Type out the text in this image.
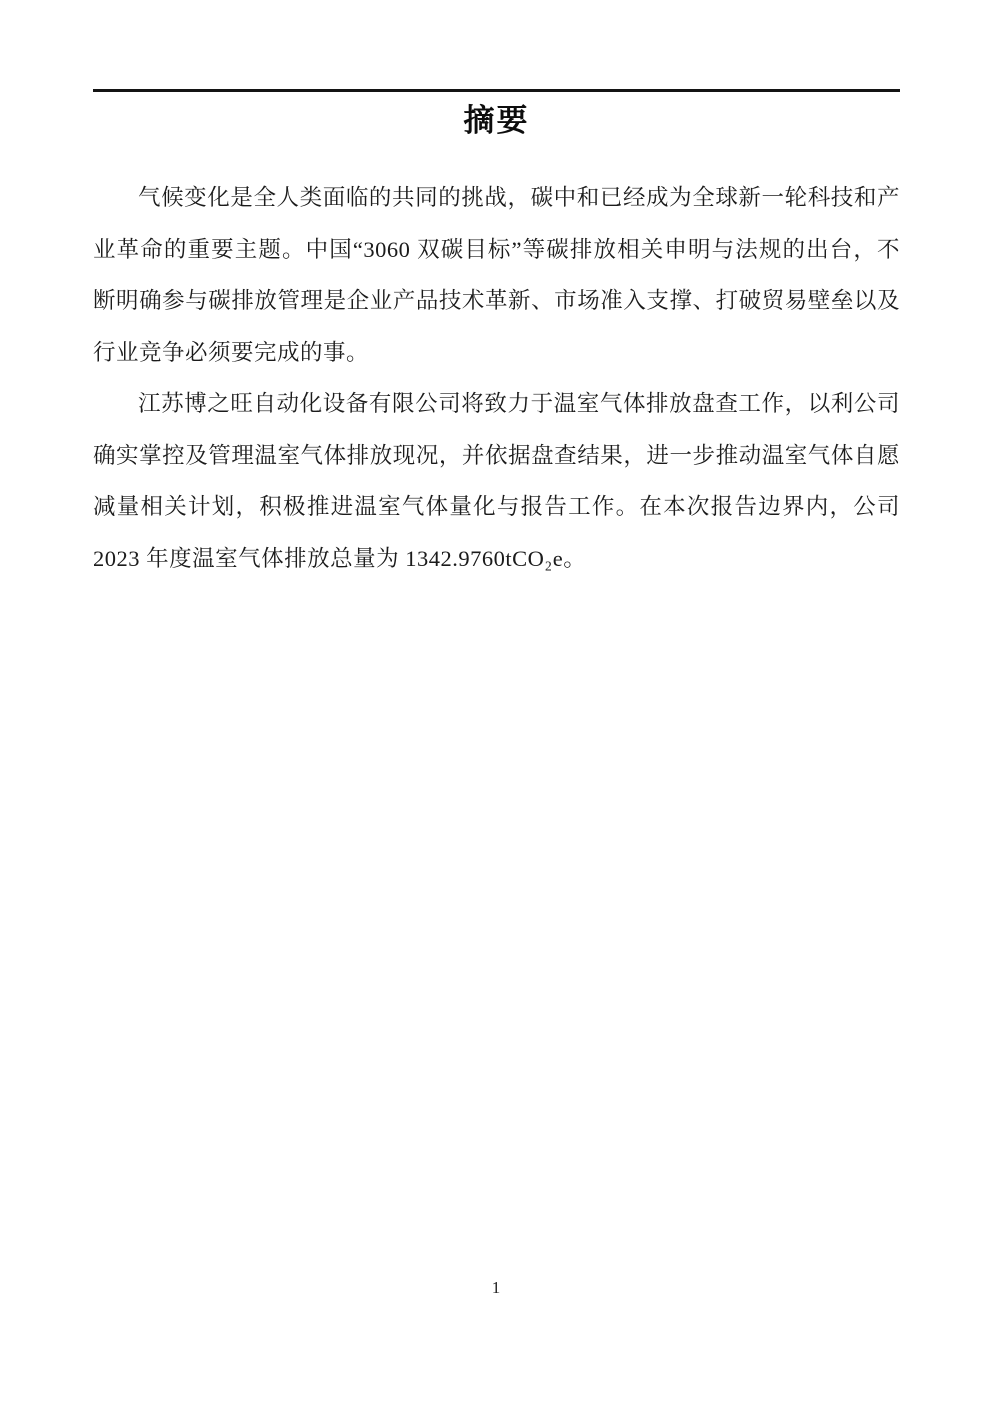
摘要

气候变化是全人类面临的共同的挑战，碳中和已经成为全球新一轮科技和产业革命的重要主题。中国“3060 双碳目标”等碳排放相关申明与法规的出台，不断明确参与碳排放管理是企业产品技术革新、市场准入支撑、打破贸易壁垒以及行业竞争必须要完成的事。

江苏博之旺自动化设备有限公司将致力于温室气体排放盘查工作，以利公司确实掌控及管理温室气体排放现况，并依据盘查结果，进一步推动温室气体自愿减量相关计划，积极推进温室气体量化与报告工作。在本次报告边界内，公司 2023 年度温室气体排放总量为 1342.9760tCO₂e。

1
